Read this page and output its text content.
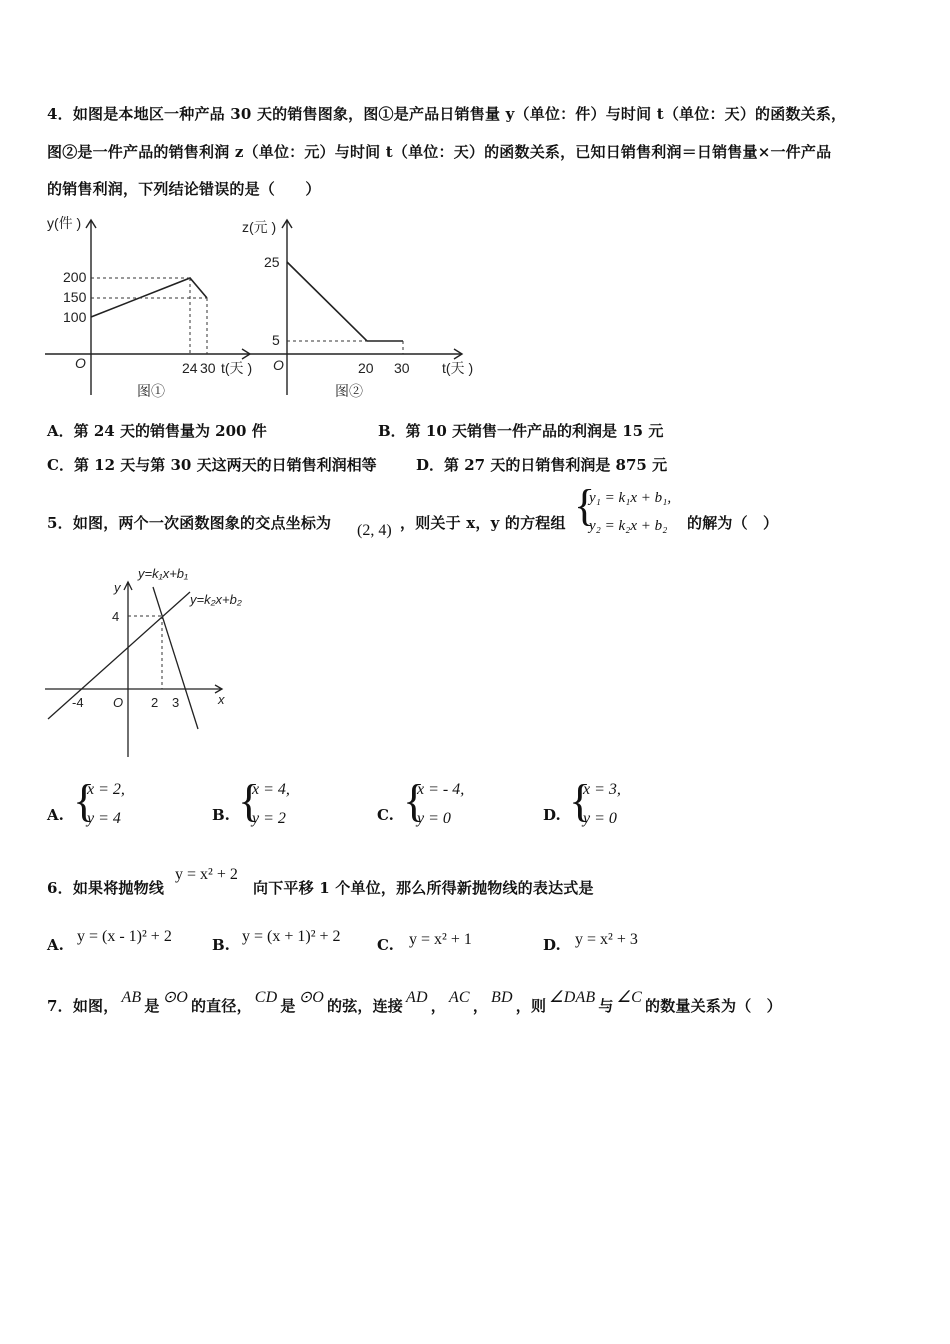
4．如图是本地区一种产品 30 天的销售图象，图①是产品日销售量 y（单位：件）与时间 t（单位：天）的函数关系，
图②是一件产品的销售利润 z（单位：元）与时间 t（单位：天）的函数关系，已知日销售利润＝日销售量×一件产品
的销售利润，下列结论错误的是（　　）
y(件 )
200
150
100
O	24 30 t(天 )
图①
z(元 )
25
5
O	20 30 t(天 )
图②
A．第 24 天的销售量为 200 件	B．第 10 天销售一件产品的利润是 15 元
C．第 12 天与第 30 天这两天的日销售利润相等	D．第 27 天的日销售利润是 875 元
5．如图，两个一次函数图象的交点坐标为 (2, 4) ，则关于 x，y 的方程组 {
y₁ = k₁x + b₁,
y₂ = k₂x + b₂ 的解为（　）
y=k₁x+b₁
y=k₂x+b₂
y
x
4
-4 O 2 3
A. {
x = 2,
y = 4	B. {
x = 4,
y = 2	C. {
x = - 4,
y = 0	D. {
x = 3,
y = 0
6．如果将抛物线
y = x² + 2
向下平移 1 个单位，那么所得新抛物线的表达式是
A. y = (x - 1)² + 2	B. y = (x + 1)² + 2 C. y = x² + 1	D. y = x² + 3
7．如图， AB 是 ⊙O 的直径， CD 是 ⊙O 的弦，连接 AD ， AC ， BD ，则 ∠DAB 与 ∠C 的数量关系为（　）
